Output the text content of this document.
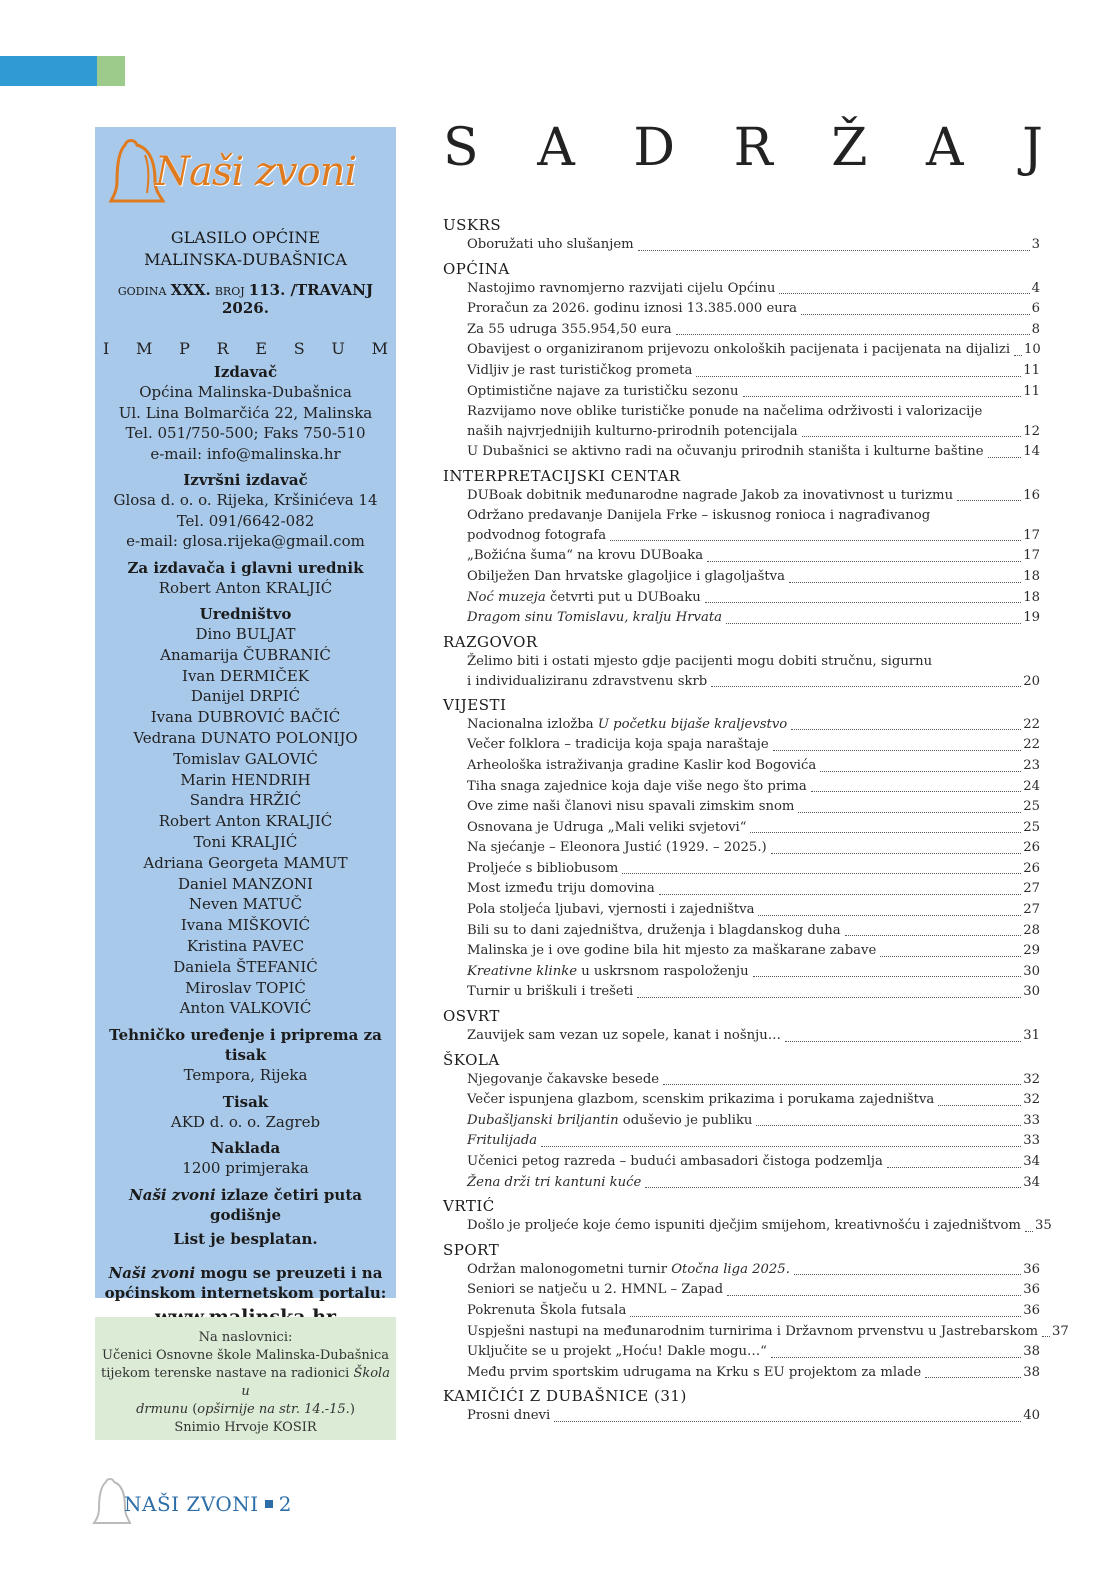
Naši zvoni
GLASILO OPĆINE
MALINSKA-DUBAŠNICA
GODINA XXX. BROJ 113. /TRAVANJ 2026.
I M P R E S U M
Izdavač
Općina Malinska-Dubašnica
Ul. Lina Bolmarčića 22, Malinska
Tel. 051/750-500; Faks 750-510
e-mail: info@malinska.hr
Izvršni izdavač
Glosa d. o. o. Rijeka, Kršinićeva 14
Tel. 091/6642-082
e-mail: glosa.rijeka@gmail.com
Za izdavača i glavni urednik
Robert Anton KRALJIĆ
Uredništvo
Dino BULJAT
Anamarija ČUBRANIĆ
Ivan DERMIČEK
Danijel DRPIĆ
Ivana DUBROVIĆ BAČIĆ
Vedrana DUNATO POLONIJO
Tomislav GALOVIĆ
Marin HENDRIH
Sandra HRŽIĆ
Robert Anton KRALJIĆ
Toni KRALJIĆ
Adriana Georgeta MAMUT
Daniel MANZONI
Neven MATUČ
Ivana MIŠKOVIĆ
Kristina PAVEC
Daniela ŠTEFANIĆ
Miroslav TOPIĆ
Anton VALKOVIĆ
Tehničko uređenje i priprema za tisak
Tempora, Rijeka
Tisak
AKD d. o. o. Zagreb
Naklada
1200 primjeraka
Naši zvoni izlaze četiri puta godišnje
List je besplatan.
Naši zvoni mogu se preuzeti i na
općinskom internetskom portalu:
Na naslovnici:
Učenici Osnovne škole Malinska-Dubašnica
tijekom terenske nastave na radionici Škola u
drmunu (opširnije na str. 14.-15.)
Snimio Hrvoje KOSIR
NAŠI ZVONI 2
S A D R Ž A J
USKRS
Oboružati uho slušanjem	3
OPĆINA
Nastojimo ravnomjerno razvijati cijelu Općinu	4
Proračun za 2026. godinu iznosi 13.385.000 eura	6
Za 55 udruga 355.954,50 eura	8
Obavijest o organiziranom prijevozu onkoloških pacijenata i pacijenata na dijalizi 10
Vidljiv je rast turističkog prometa	11
Optimistične najave za turističku sezonu	11
Razvijamo nove oblike turističke ponude na načelima održivosti i valorizacije
naših najvrjednijih kulturno-prirodnih potencijala	12
U Dubašnici se aktivno radi na očuvanju prirodnih staništa i kulturne baštine	14
INTERPRETACIJSKI CENTAR
DUBoak dobitnik međunarodne nagrade Jakob za inovativnost u turizmu	16
Održano predavanje Danijela Frke – iskusnog ronioca i nagrađivanog
podvodnog fotografa	17
„Božićna šuma“ na krovu DUBoaka	17
Obilježen Dan hrvatske glagoljice i glagoljaštva	18
Noć muzeja četvrti put u DUBoaku	18
Dragom sinu Tomislavu, kralju Hrvata	19
RAZGOVOR
Želimo biti i ostati mjesto gdje pacijenti mogu dobiti stručnu, sigurnu
i individualiziranu zdravstvenu skrb	20
VIJESTI
Nacionalna izložba U početku bijaše kraljevstvo	22
Večer folklora – tradicija koja spaja naraštaje	22
Arheološka istraživanja gradine Kaslir kod Bogovića	23
Tiha snaga zajednice koja daje više nego što prima	24
Ove zime naši članovi nisu spavali zimskim snom	25
Osnovana je Udruga „Mali veliki svjetovi“	25
Na sjećanje – Eleonora Justić (1929. – 2025.)	26
Proljeće s bibliobusom	26
Most između triju domovina	27
Pola stoljeća ljubavi, vjernosti i zajedništva	27
Bili su to dani zajedništva, druženja i blagdanskog duha	28
Malinska je i ove godine bila hit mjesto za maškarane zabave	29
Kreativne klinke u uskrsnom raspoloženju	30
Turnir u briškuli i trešeti	30
OSVRT
Zauvijek sam vezan uz sopele, kanat i nošnju…	31
ŠKOLA
Njegovanje čakavske besede	32
Večer ispunjena glazbom, scenskim prikazima i porukama zajedništva	32
Dubašljanski briljantin oduševio je publiku	33
Fritulijada	33
Učenici petog razreda – budući ambasadori čistoga podzemlja	34
Žena drži tri kantuni kuće	34
VRTIĆ
Došlo je proljeće koje ćemo ispuniti dječjim smijehom, kreativnošću i zajedništvom 35
SPORT
Održan malonogometni turnir Otočna liga 2025.	36
Seniori se natječu u 2. HMNL – Zapad	36
Pokrenuta Škola futsala	36
Uspješni nastupi na međunarodnim turnirima i Državnom prvenstvu u Jastrebarskom 37
Uključite se u projekt „Hoću! Dakle mogu…“	38
Među prvim sportskim udrugama na Krku s EU projektom za mlade	38
KAMIČIĆI Z DUBAŠNICE (31)
Prosni dnevi	40
